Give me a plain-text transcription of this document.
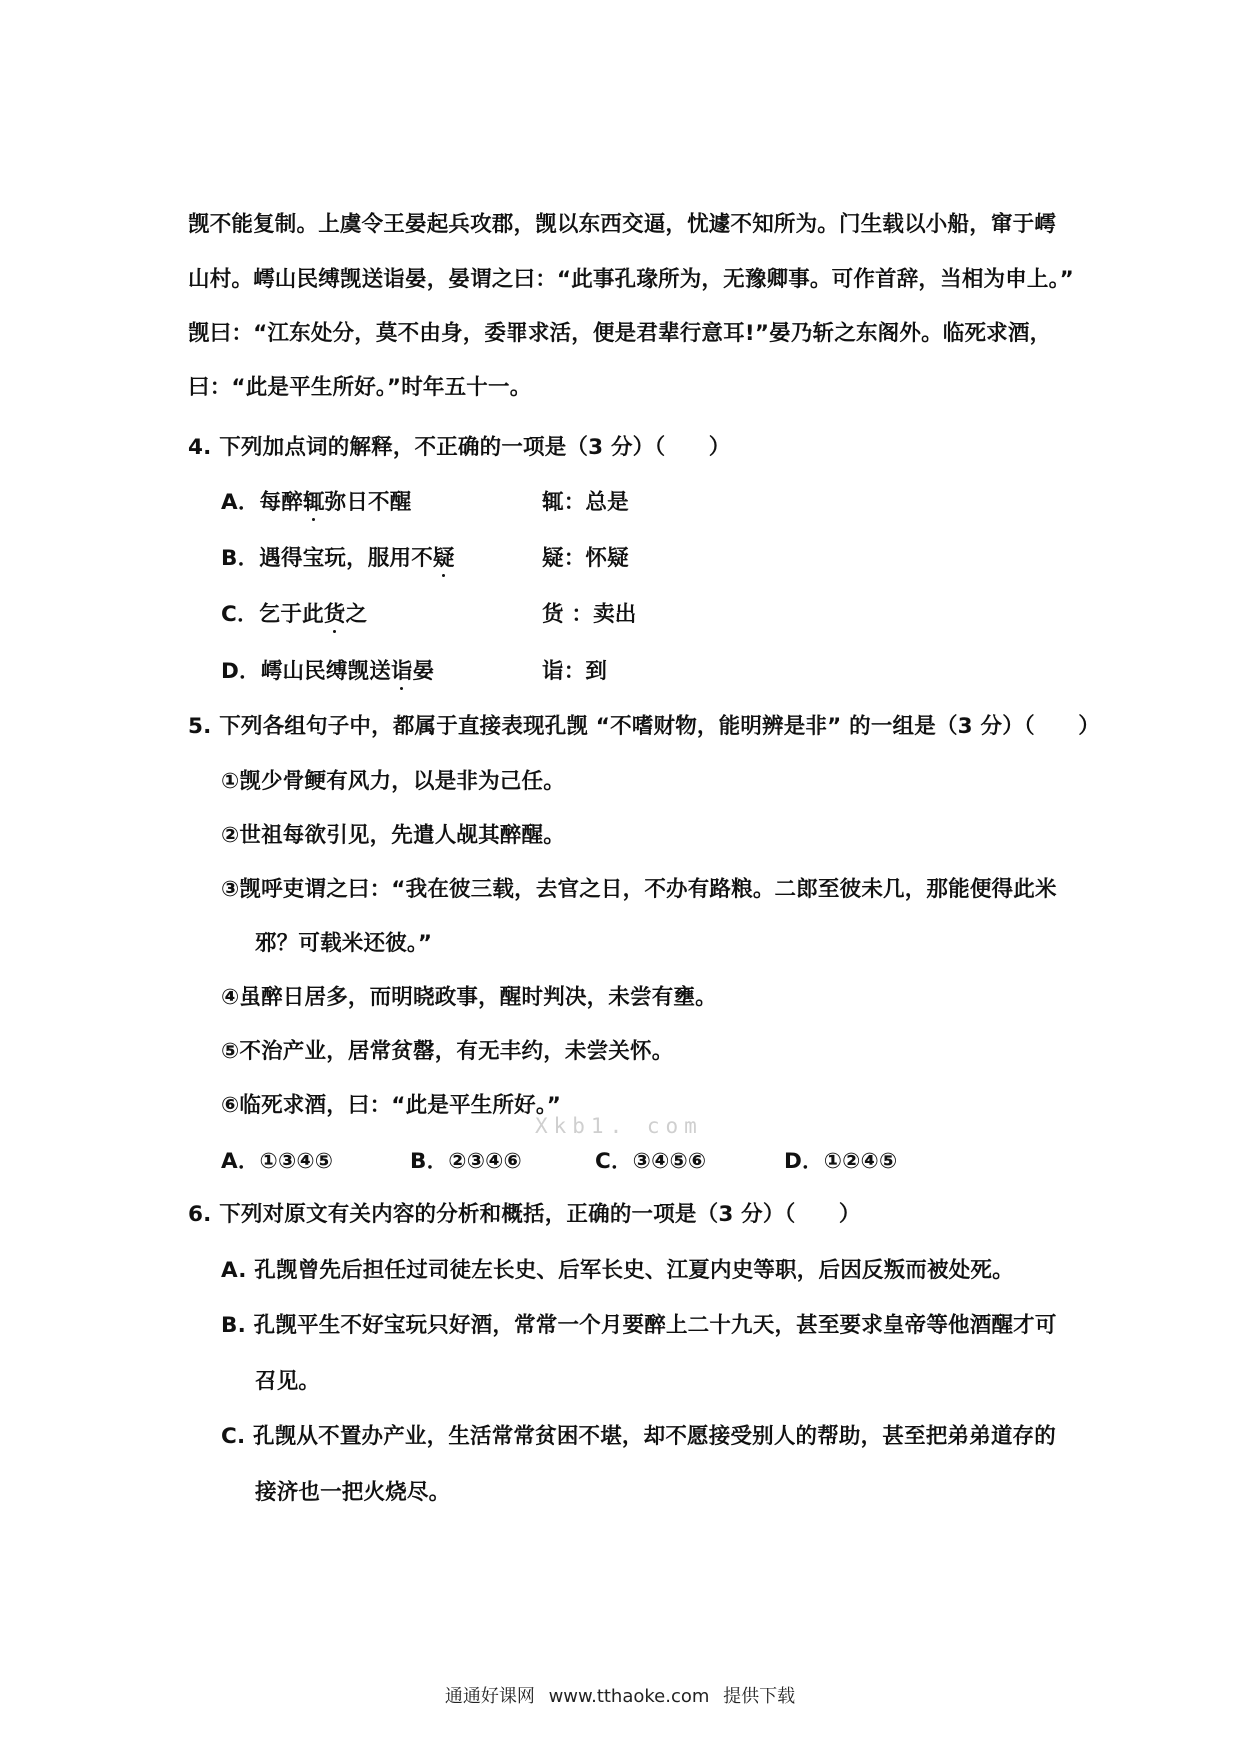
觊不能复制。上虞令王晏起兵攻郡，觊以东西交逼，忧遽不知所为。门生载以小船，窜于嶀
山村。嶀山民缚觊送诣晏，晏谓之曰：“此事孔瑑所为，无豫卿事。可作首辞，当相为申上。”
觊曰：“江东处分，莫不由身，委罪求活，便是君辈行意耳!”晏乃斩之东阁外。临死求酒，
曰：“此是平生所好。”时年五十一。
4. 下列加点词的解释，不正确的一项是（3 分）（　　）
A．每醉辄弥日不醒	辄：总是
B．遇得宝玩，服用不疑	疑：怀疑
C．乞于此货之	货 ：卖出
D．嶀山民缚觊送诣晏	诣：到
5. 下列各组句子中，都属于直接表现孔觊 “不嗜财物，能明辨是非” 的一组是（3 分）（　　）
①觊少骨鲠有风力，以是非为己任。
②世祖每欲引见，先遣人觇其醉醒。
③觊呼吏谓之曰：“我在彼三载，去官之日，不办有路粮。二郎至彼未几，那能便得此米
邪？可载米还彼。”
④虽醉日居多，而明晓政事，醒时判决，未尝有壅。
⑤不治产业，居常贫罄，有无丰约，未尝关怀。
⑥临死求酒，曰：“此是平生所好。”
A．①③④⑤	B．②③④⑥	C．③④⑤⑥	D．①②④⑤
6. 下列对原文有关内容的分析和概括，正确的一项是（3 分）（　　）
A. 孔觊曾先后担任过司徒左长史、后军长史、江夏内史等职，后因反叛而被处死。
B. 孔觊平生不好宝玩只好酒，常常一个月要醉上二十九天，甚至要求皇帝等他酒醒才可
召见。
C. 孔觊从不置办产业，生活常常贫困不堪，却不愿接受别人的帮助，甚至把弟弟道存的
接济也一把火烧尽。
Xkb1. com
通通好课网 www.tthaoke.com 提供下载
